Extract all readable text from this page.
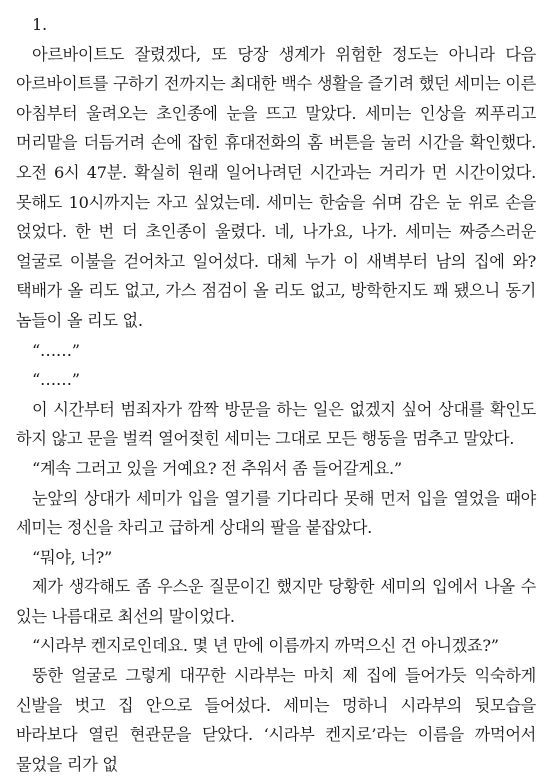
1.

아르바이트도 잘렸겠다, 또 당장 생계가 위험한 정도는 아니라 다음 아르바이트를 구하기 전까지는 최대한 백수 생활을 즐기려 했던 세미는 이른 아침부터 울려오는 초인종에 눈을 뜨고 말았다. 세미는 인상을 찌푸리고 머리맡을 더듬거려 손에 잡힌 휴대전화의 홈 버튼을 눌러 시간을 확인했다. 오전 6시 47분. 확실히 원래 일어나려던 시간과는 거리가 먼 시간이었다. 못해도 10시까지는 자고 싶었는데. 세미는 한숨을 쉬며 감은 눈 위로 손을 얹었다. 한 번 더 초인종이 울렸다. 네, 나가요, 나가. 세미는 짜증스러운 얼굴로 이불을 걷어차고 일어섰다. 대체 누가 이 새벽부터 남의 집에 와? 택배가 올 리도 없고, 가스 점검이 올 리도 없고, 방학한지도 꽤 됐으니 동기 놈들이 올 리도 없.

“……”

“……”

이 시간부터 범죄자가 깜짝 방문을 하는 일은 없겠지 싶어 상대를 확인도 하지 않고 문을 벌컥 열어젖힌 세미는 그대로 모든 행동을 멈추고 말았다.

“계속 그러고 있을 거예요? 전 추워서 좀 들어갈게요.”

눈앞의 상대가 세미가 입을 열기를 기다리다 못해 먼저 입을 열었을 때야 세미는 정신을 차리고 급하게 상대의 팔을 붙잡았다.

“뭐야, 너?”

제가 생각해도 좀 우스운 질문이긴 했지만 당황한 세미의 입에서 나올 수 있는 나름대로 최선의 말이었다.

“시라부 켄지로인데요. 몇 년 만에 이름까지 까먹으신 건 아니겠죠?”

뚱한 얼굴로 그렇게 대꾸한 시라부는 마치 제 집에 들어가듯 익숙하게 신발을 벗고 집 안으로 들어섰다. 세미는 멍하니 시라부의 뒷모습을 바라보다 열린 현관문을 닫았다. ‘시라부 켄지로’라는 이름을 까먹어서 물었을 리가 없
